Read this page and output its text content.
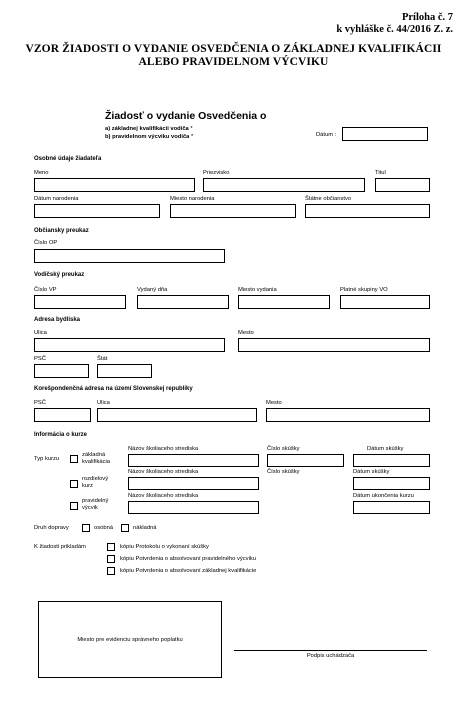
Príloha č. 7
k vyhláške č. 44/2016 Z. z.
VZOR ŽIADOSTI O VYDANIE OSVEDČENIA O ZÁKLADNEJ KVALIFIKÁCII
ALEBO PRAVIDELNOM VÝCVIKU
Žiadosť o vydanie Osvedčenia o
a) základnej kvalifikácii vodiča *
b) pravidelnom výcviku vodiča *	Dátum :
Osobné údaje žiadateľa
Meno	Priezvisko	Titul
Dátum narodenia	Miesto narodenia	Štátne občianstvo
Občiansky preukaz
Číslo OP
Vodičský preukaz
Číslo VP	Vydaný dňa	Miesto vydania	Platné skupiny VO
Adresa bydliska
Ulica	Mesto
PSČ	Štát
Korešpondenčná adresa na území Slovenskej republiky
PSČ	Ulica	Mesto
Informácia o kurze
Názov školiaceho strediska	Číslo skúšky	Dátum skúšky
Typ kurzu
základná
kvalifikácia
Názov školiaceho strediska	Číslo skúšky	Dátum skúšky
rozdielový
kurz
Názov školiaceho strediska	Dátum ukončenia kurzu
pravidelný
výcvik
Druh dopravy	osobná	nákladná
K žiadosti prikladám	kópiu Protokolu o vykonaní skúšky
kópiu Potvrdenia o absolvovaní pravidelného výcviku
kópiu Potvrdenia o absolvovaní základnej kvalifikácie
Miesto pre evidenciu správneho poplatku
Podpis uchádzača
